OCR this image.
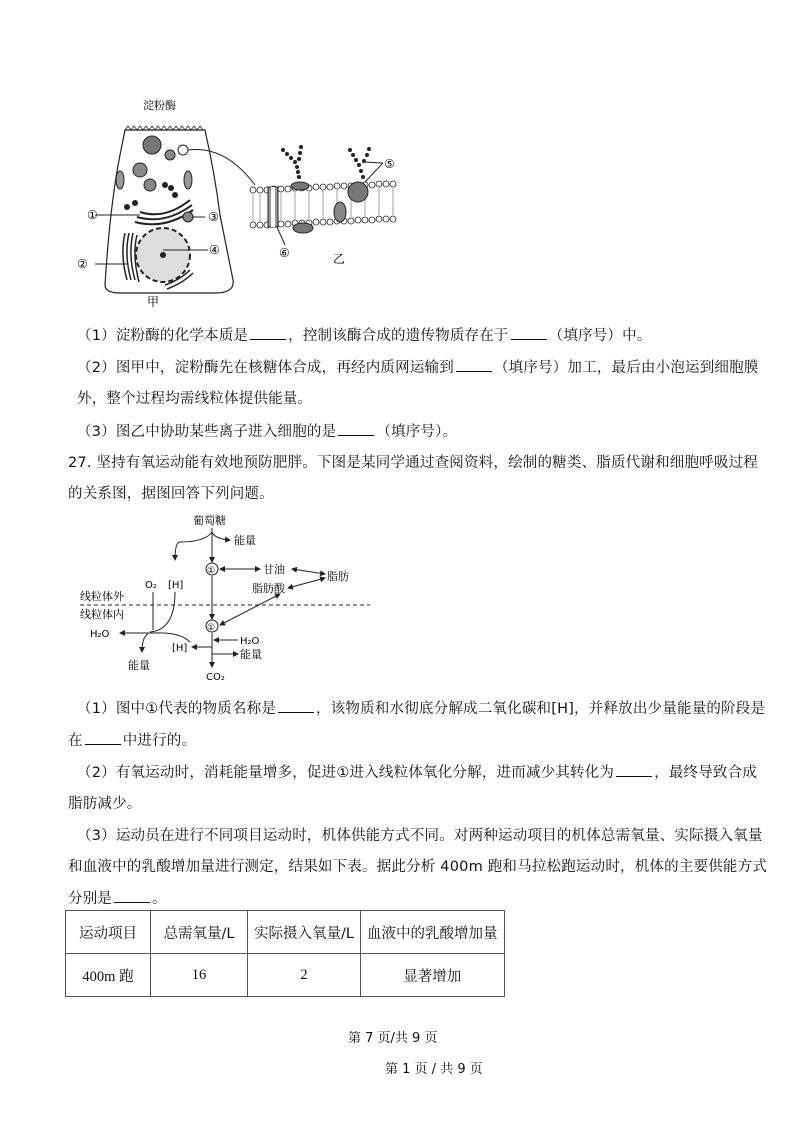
①
②
③
④
淀粉酶
甲
⑤
⑥	乙
（1）淀粉酶的化学本质是	，控制该酶合成的遗传物质存在于	（填序号）中。
（2）图甲中，淀粉酶先在核糖体合成，再经内质网运输到	（填序号）加工，最后由小泡运到细胞膜
外，整个过程均需线粒体提供能量。
（3）图乙中协助某些离子进入细胞的是	（填序号）。
27. 坚持有氧运动能有效地预防肥胖。下图是某同学通过查阅资料，绘制的糖类、脂质代谢和细胞呼吸过程
的关系图，据图回答下列问题。
葡萄糖
能量
①	甘油
脂肪
脂肪酸
O₂ [H]
线粒体外
线粒体内
①
H₂O
[H]	能量
CO₂
H₂O
能量
（1）图中①代表的物质名称是	，该物质和水彻底分解成二氧化碳和[H]，并释放出少量能量的阶段是
在	中进行的。
（2）有氧运动时，消耗能量增多，促进①进入线粒体氧化分解，进而减少其转化为	，最终导致合成
脂肪减少。
（3）运动员在进行不同项目运动时，机体供能方式不同。对两种运动项目的机体总需氧量、实际摄入氧量
和血液中的乳酸增加量进行测定，结果如下表。据此分析 400m 跑和马拉松跑运动时，机体的主要供能方式
分别是	。
运动项目	总需氧量/L	实际摄入氧量/L	血液中的乳酸增加量
400m 跑	16	2	显著增加
第 7 页/共 9 页
第 1 页 / 共 9 页
